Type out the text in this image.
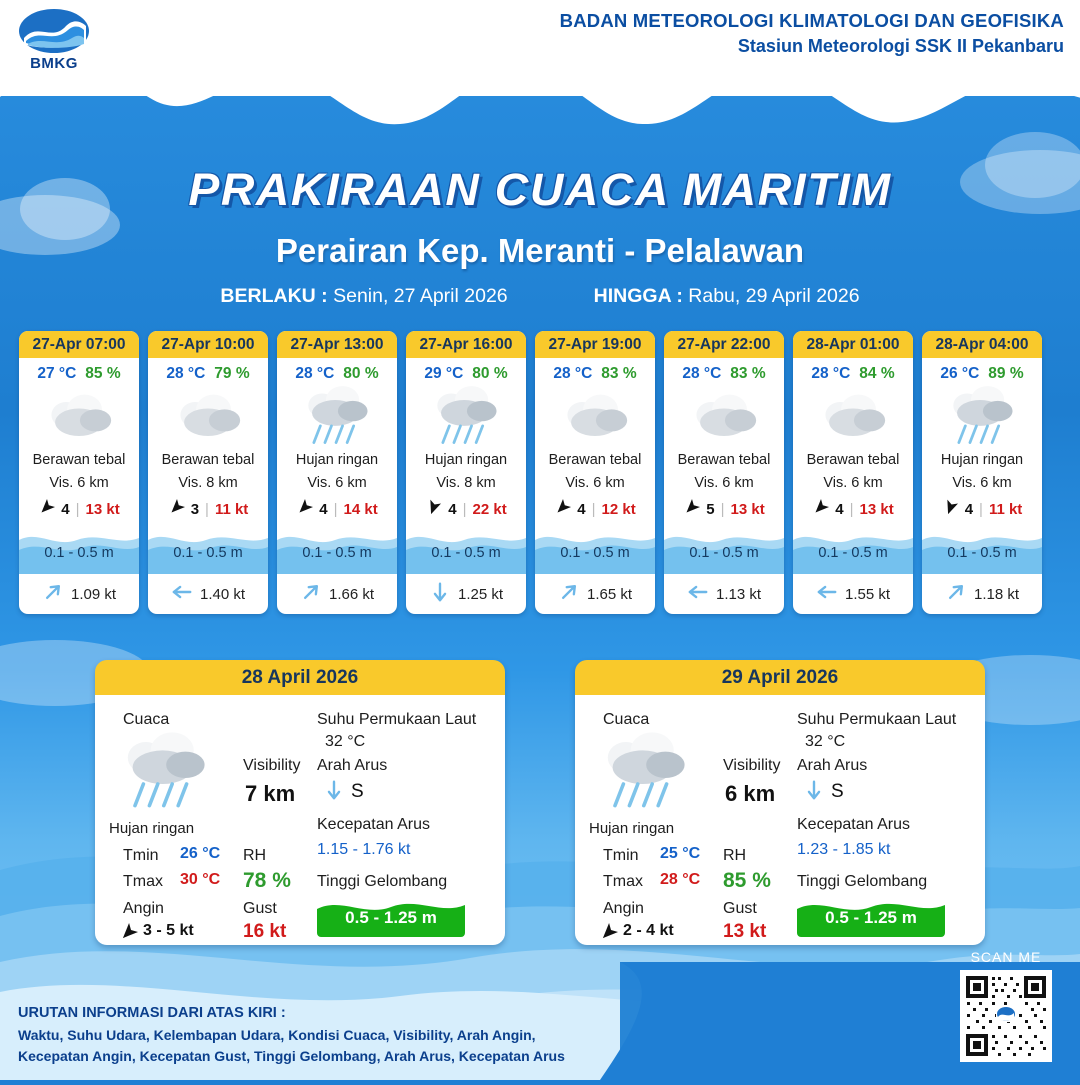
BMKG
BADAN METEOROLOGI KLIMATOLOGI DAN GEOFISIKA
Stasiun Meteorologi SSK II Pekanbaru
PRAKIRAAN CUACA MARITIM
Perairan Kep. Meranti - Pelalawan
BERLAKU : Senin, 27 April 2026	HINGGA : Rabu, 29 April 2026
27-Apr 07:00
27 °C 85 %
Berawan tebal
Vis. 6 km
4 | 13 kt
0.1 - 0.5 m
1.09 kt
27-Apr 10:00
28 °C 79 %
Berawan tebal
Vis. 8 km
3 | 11 kt
0.1 - 0.5 m
1.40 kt
27-Apr 13:00
28 °C 80 %
Hujan ringan
Vis. 6 km
4 | 14 kt
0.1 - 0.5 m
1.66 kt
27-Apr 16:00
29 °C 80 %
Hujan ringan
Vis. 8 km
4 | 22 kt
0.1 - 0.5 m
1.25 kt
27-Apr 19:00
28 °C 83 %
Berawan tebal
Vis. 6 km
4 | 12 kt
0.1 - 0.5 m
1.65 kt
27-Apr 22:00
28 °C 83 %
Berawan tebal
Vis. 6 km
5 | 13 kt
0.1 - 0.5 m
1.13 kt
28-Apr 01:00
28 °C 84 %
Berawan tebal
Vis. 6 km
4 | 13 kt
0.1 - 0.5 m
1.55 kt
28-Apr 04:00
26 °C 89 %
Hujan ringan
Vis. 6 km
4 | 11 kt
0.1 - 0.5 m
1.18 kt
28 April 2026
Cuaca
Hujan ringan
Tmin 26 °C
Tmax 30 °C
Angin
3 - 5 kt
Visibility
7 km
RH
78 %
Gust
16 kt
Suhu Permukaan Laut
32 °C
Arah Arus
S
Kecepatan Arus
1.15 - 1.76 kt
Tinggi Gelombang
0.5 - 1.25 m
29 April 2026
Cuaca
Hujan ringan
Tmin 25 °C
Tmax 28 °C
Angin
2 - 4 kt
Visibility
6 km
RH
85 %
Gust
13 kt
Suhu Permukaan Laut
32 °C
Arah Arus
S
Kecepatan Arus
1.23 - 1.85 kt
Tinggi Gelombang
0.5 - 1.25 m
URUTAN INFORMASI DARI ATAS KIRI :
Waktu, Suhu Udara, Kelembapan Udara, Kondisi Cuaca, Visibility, Arah Angin,
Kecepatan Angin, Kecepatan Gust, Tinggi Gelombang, Arah Arus, Kecepatan Arus
SCAN ME
